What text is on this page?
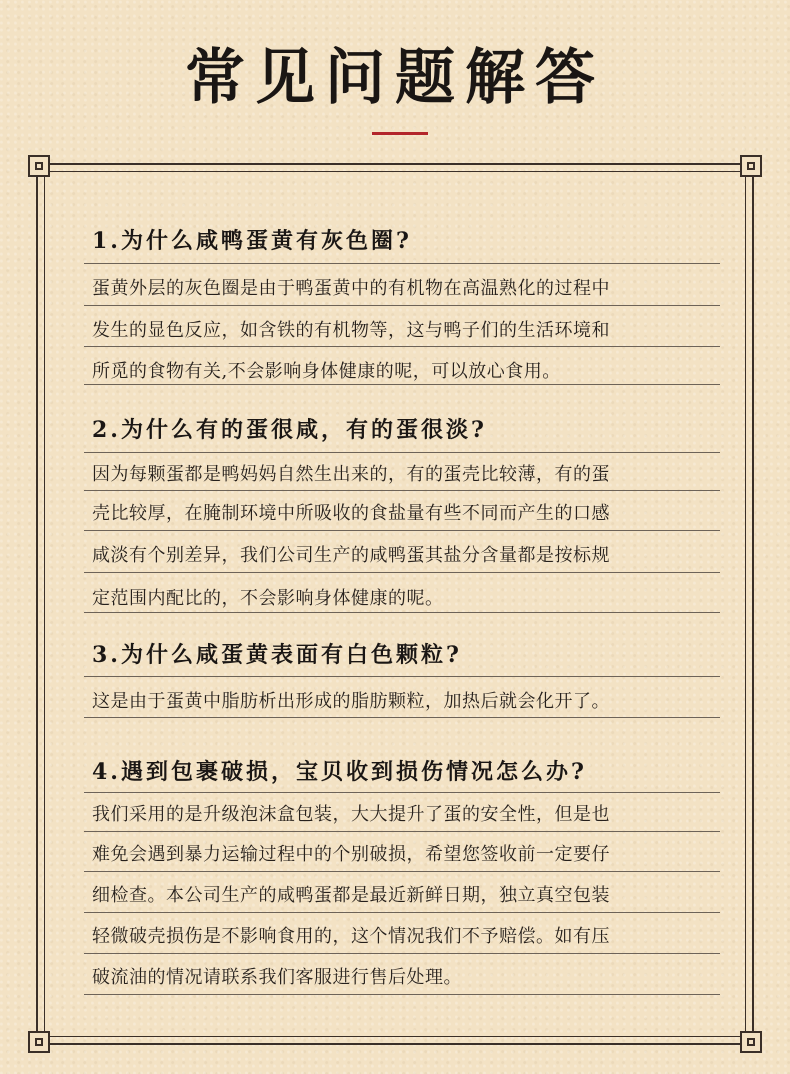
常见问题解答
1.为什么咸鸭蛋黄有灰色圈?
蛋黄外层的灰色圈是由于鸭蛋黄中的有机物在高温熟化的过程中
发生的显色反应，如含铁的有机物等，这与鸭子们的生活环境和
所觅的食物有关,不会影响身体健康的呢，可以放心食用。
2.为什么有的蛋很咸，有的蛋很淡?
因为每颗蛋都是鸭妈妈自然生出来的，有的蛋壳比较薄，有的蛋
壳比较厚，在腌制环境中所吸收的食盐量有些不同而产生的口感
咸淡有个别差异，我们公司生产的咸鸭蛋其盐分含量都是按标规
定范围内配比的，不会影响身体健康的呢。
3.为什么咸蛋黄表面有白色颗粒?
这是由于蛋黄中脂肪析出形成的脂肪颗粒，加热后就会化开了。
4.遇到包裹破损，宝贝收到损伤情况怎么办?
我们采用的是升级泡沫盒包装，大大提升了蛋的安全性，但是也
难免会遇到暴力运输过程中的个别破损，希望您签收前一定要仔
细检查。本公司生产的咸鸭蛋都是最近新鲜日期，独立真空包装
轻微破壳损伤是不影响食用的，这个情况我们不予赔偿。如有压
破流油的情况请联系我们客服进行售后处理。
